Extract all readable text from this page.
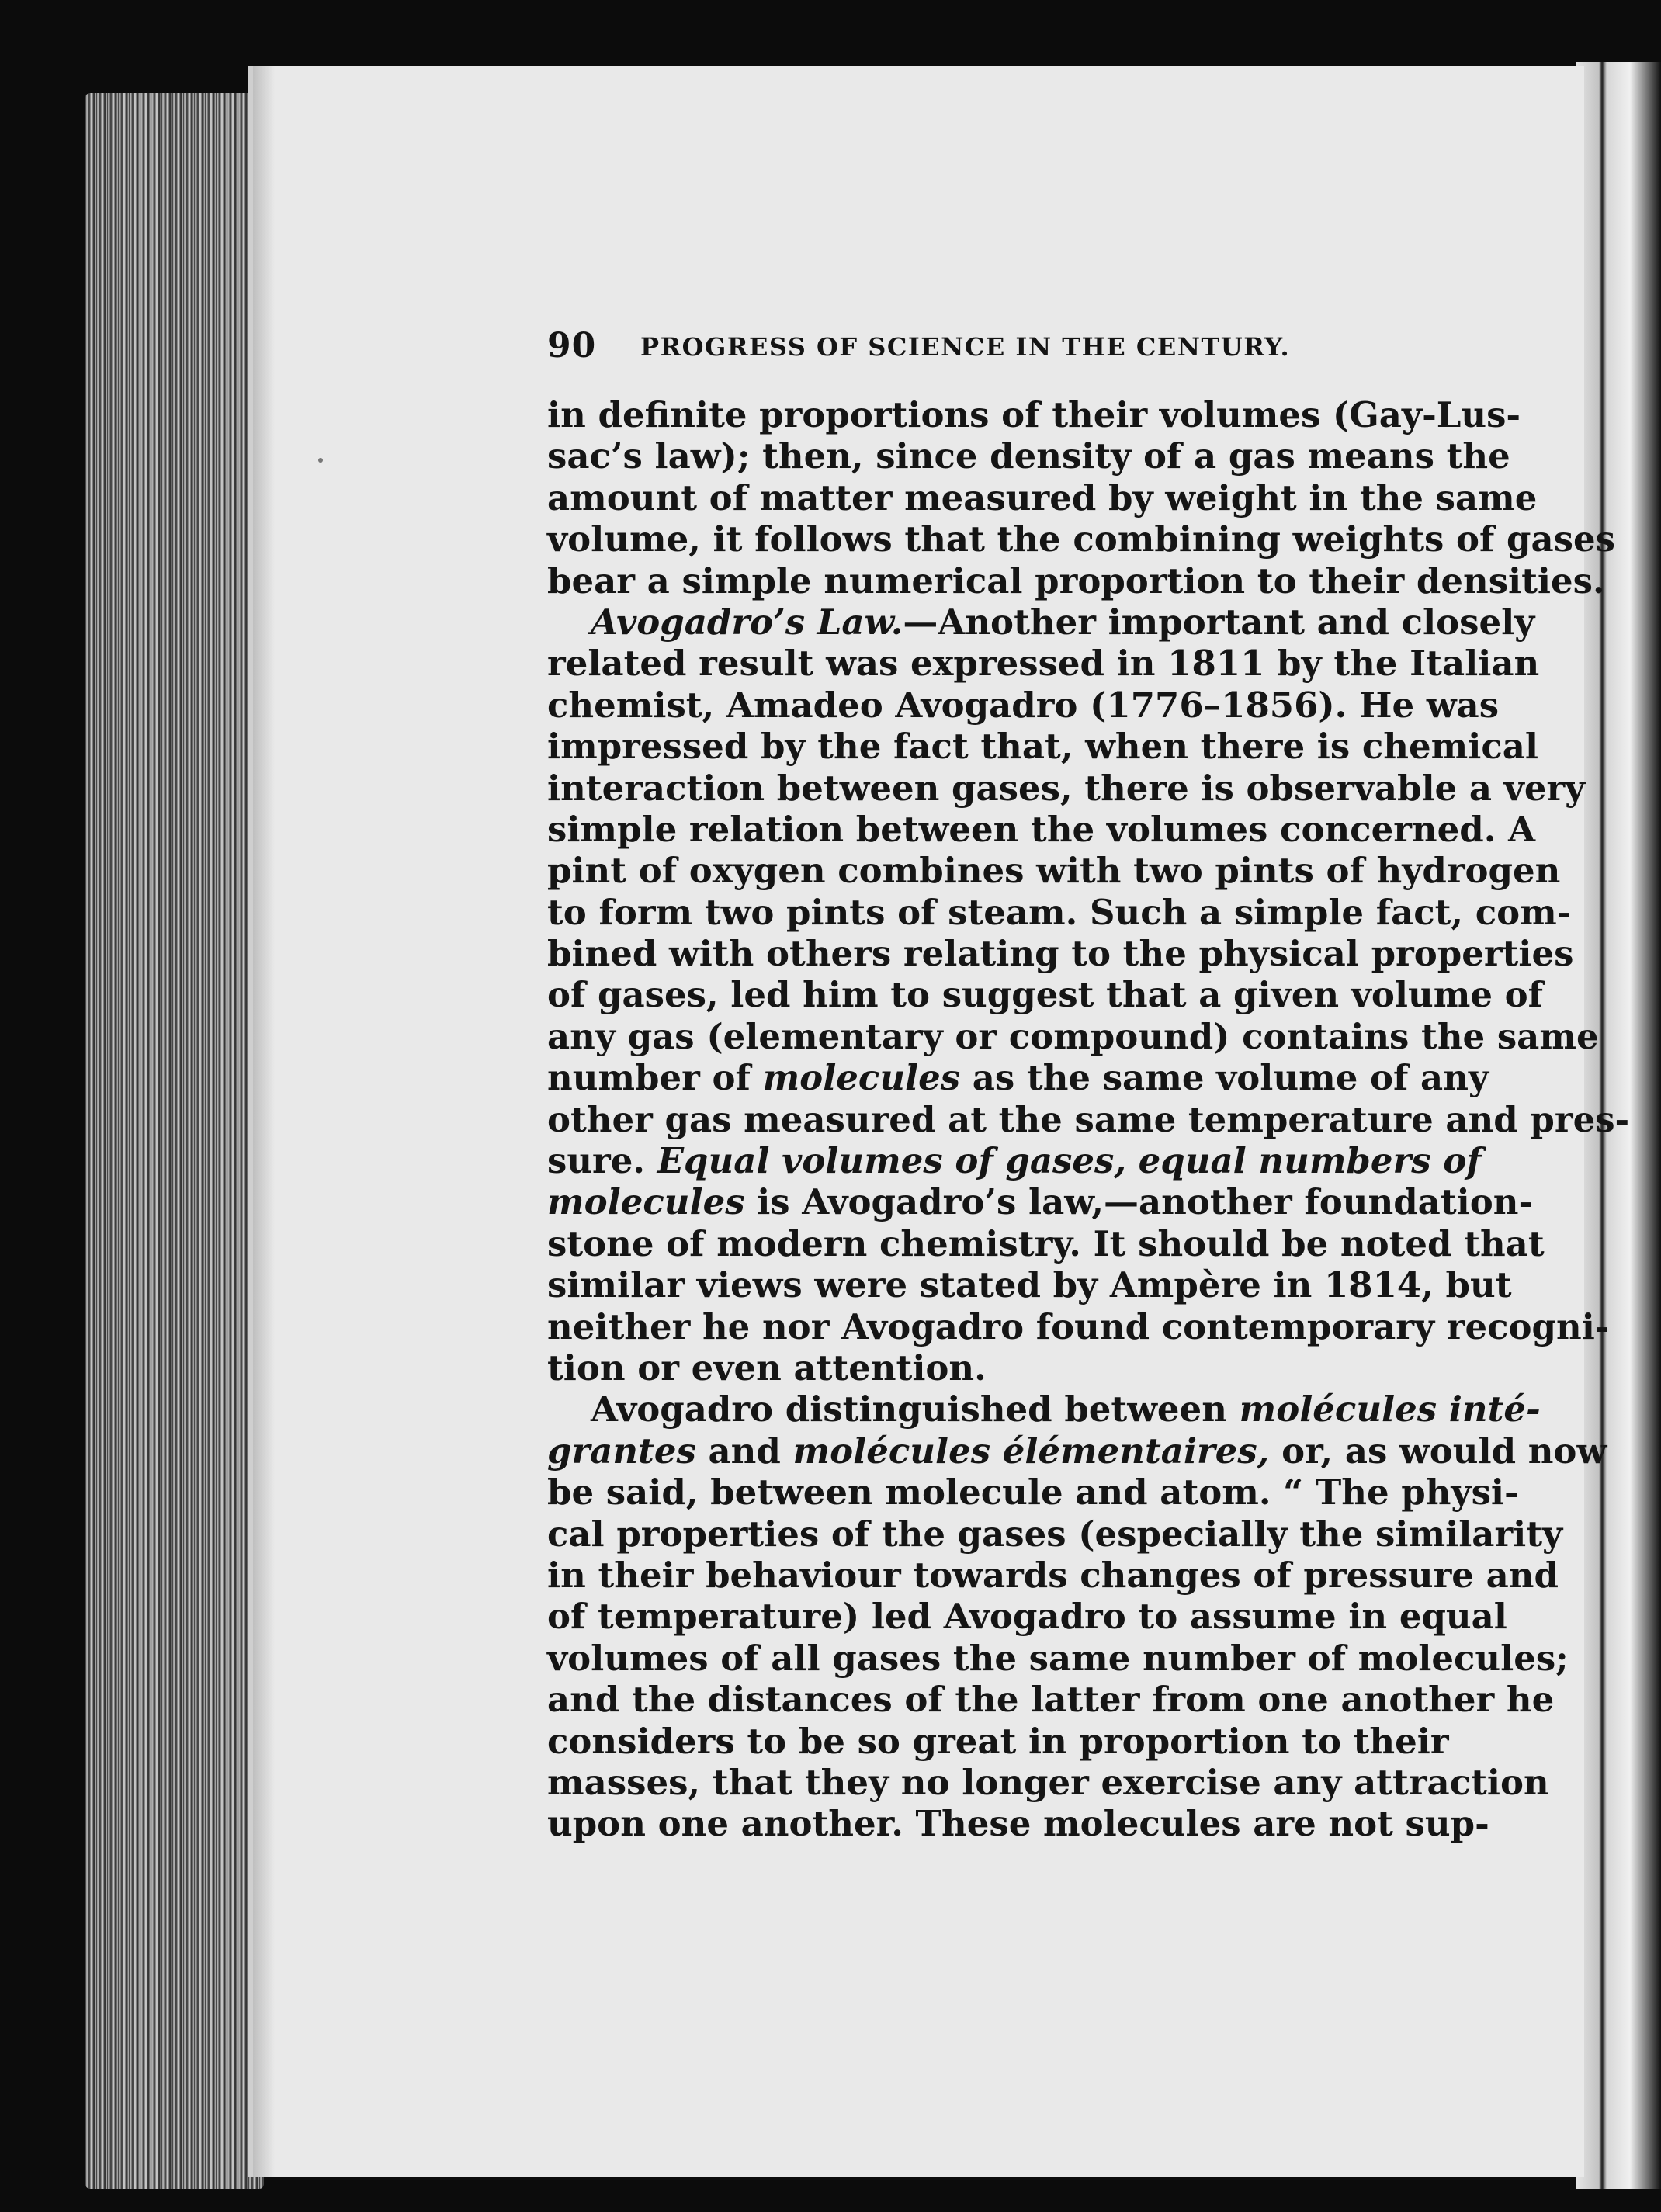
90 PROGRESS OF SCIENCE IN THE CENTURY.
in definite proportions of their volumes (Gay-Lus-
sac’s law); then, since density of a gas means the
amount of matter measured by weight in the same
volume, it follows that the combining weights of gases
bear a simple numerical proportion to their densities.
Avogadro’s Law.—Another important and closely
related result was expressed in 1811 by the Italian
chemist, Amadeo Avogadro (1776–1856). He was
impressed by the fact that, when there is chemical
interaction between gases, there is observable a very
simple relation between the volumes concerned. A
pint of oxygen combines with two pints of hydrogen
to form two pints of steam. Such a simple fact, com-
bined with others relating to the physical properties
of gases, led him to suggest that a given volume of
any gas (elementary or compound) contains the same
number of molecules as the same volume of any
other gas measured at the same temperature and pres-
sure. Equal volumes of gases, equal numbers of
molecules is Avogadro’s law,—another foundation-
stone of modern chemistry. It should be noted that
similar views were stated by Ampère in 1814, but
neither he nor Avogadro found contemporary recogni-
tion or even attention.
Avogadro distinguished between molécules inté-
grantes and molécules élémentaires, or, as would now
be said, between molecule and atom. “ The physi-
cal properties of the gases (especially the similarity
in their behaviour towards changes of pressure and
of temperature) led Avogadro to assume in equal
volumes of all gases the same number of molecules;
and the distances of the latter from one another he
considers to be so great in proportion to their
masses, that they no longer exercise any attraction
upon one another. These molecules are not sup-
